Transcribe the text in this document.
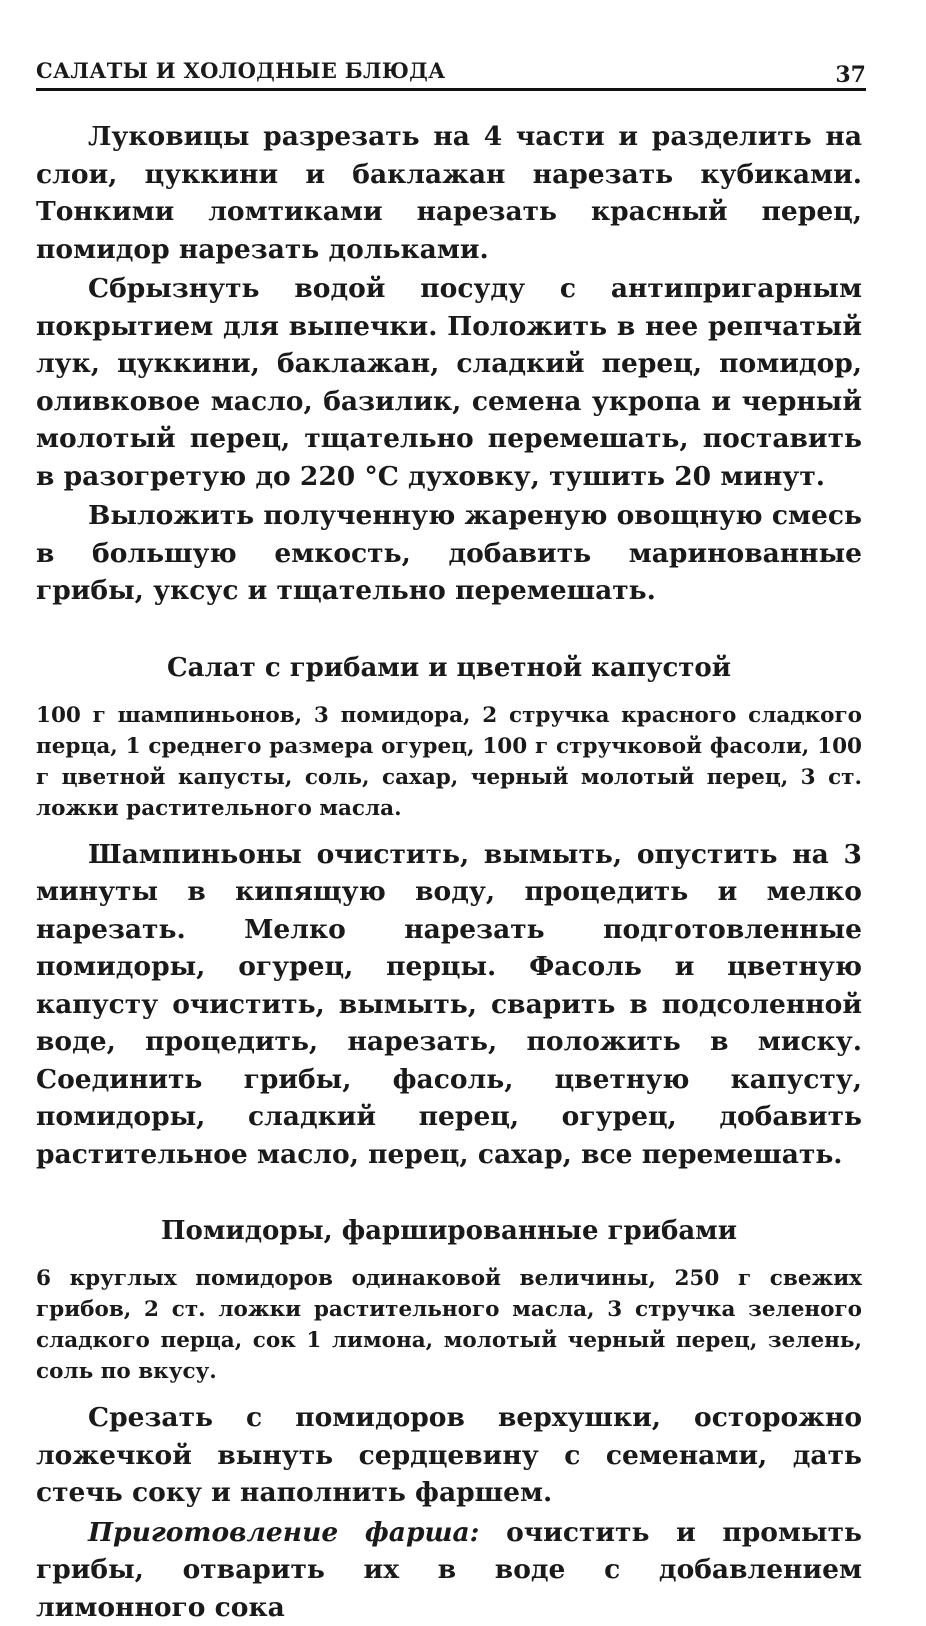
САЛАТЫ И ХОЛОДНЫЕ БЛЮДА	37

Луковицы разрезать на 4 части и разделить на слои, цуккини и баклажан нарезать кубиками. Тонкими ломтиками нарезать красный перец, помидор нарезать дольками.

Сбрызнуть водой посуду с антипригарным покрытием для выпечки. Положить в нее репчатый лук, цуккини, баклажан, сладкий перец, помидор, оливковое масло, базилик, семена укропа и черный молотый перец, тщательно перемешать, поставить в разогретую до 220 °С духовку, тушить 20 минут.

Выложить полученную жареную овощную смесь в большую емкость, добавить маринованные грибы, уксус и тщательно перемешать.

Салат с грибами и цветной капустой

100 г шампиньонов, 3 помидора, 2 стручка красного сладкого перца, 1 среднего размера огурец, 100 г стручковой фасоли, 100 г цветной капусты, соль, сахар, черный молотый перец, 3 ст. ложки растительного масла.

Шампиньоны очистить, вымыть, опустить на 3 минуты в кипящую воду, процедить и мелко нарезать. Мелко нарезать подготовленные помидоры, огурец, перцы. Фасоль и цветную капусту очистить, вымыть, сварить в подсоленной воде, процедить, нарезать, положить в миску. Соединить грибы, фасоль, цветную капусту, помидоры, сладкий перец, огурец, добавить растительное масло, перец, сахар, все перемешать.

Помидоры, фаршированные грибами

6 круглых помидоров одинаковой величины, 250 г свежих грибов, 2 ст. ложки растительного масла, 3 стручка зеленого сладкого перца, сок 1 лимона, молотый черный перец, зелень, соль по вкусу.

Срезать с помидоров верхушки, осторожно ложечкой вынуть сердцевину с семенами, дать стечь соку и наполнить фаршем.

Приготовление фарша: очистить и промыть грибы, отварить их в воде с добавлением лимонного сока
